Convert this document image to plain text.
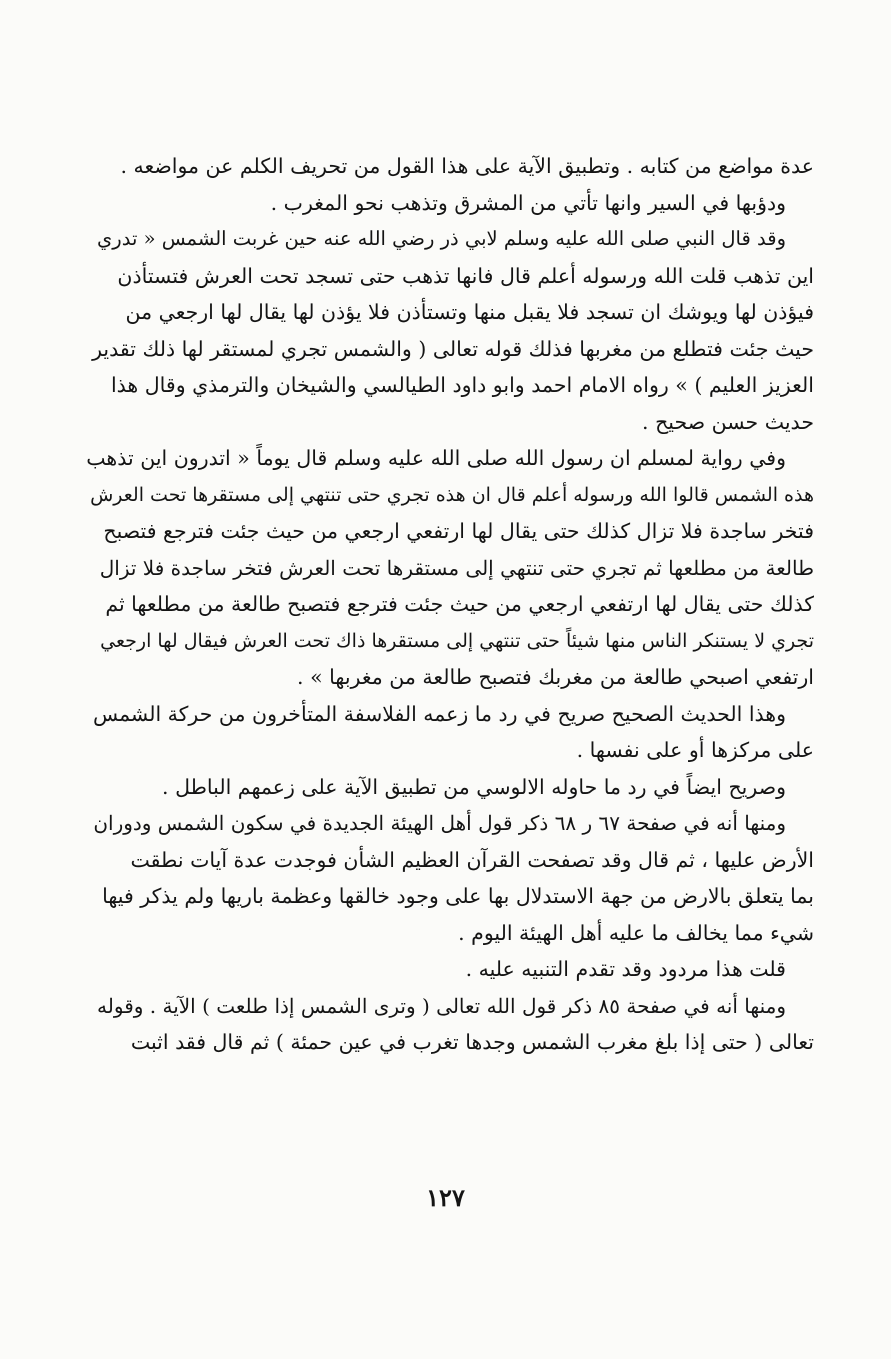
عدة مواضع من كتابه . وتطبيق الآية على هذا القول من تحريف الكلم عن مواضعه .
ودؤبها في السير وانها تأتي من المشرق وتذهب نحو المغرب .
وقد قال النبي صلى الله عليه وسلم لابي ذر رضي الله عنه حين غربت الشمس « تدري
اين تذهب قلت الله ورسوله أعلم قال فانها تذهب حتى تسجد تحت العرش فتستأذن
فيؤذن لها ويوشك ان تسجد فلا يقبل منها وتستأذن فلا يؤذن لها يقال لها ارجعي من
حيث جئت فتطلع من مغربها فذلك قوله تعالى ( والشمس تجري لمستقر لها ذلك تقدير
العزيز العليم ) » رواه الامام احمد وابو داود الطيالسي والشيخان والترمذي وقال هذا
حديث حسن صحيح .
وفي رواية لمسلم ان رسول الله صلى الله عليه وسلم قال يوماً « اتدرون اين تذهب
هذه الشمس قالوا الله ورسوله أعلم قال ان هذه تجري حتى تنتهي إلى مستقرها تحت العرش
فتخر ساجدة فلا تزال كذلك حتى يقال لها ارتفعي ارجعي من حيث جئت فترجع فتصبح
طالعة من مطلعها ثم تجري حتى تنتهي إلى مستقرها تحت العرش فتخر ساجدة فلا تزال
كذلك حتى يقال لها ارتفعي ارجعي من حيث جئت فترجع فتصبح طالعة من مطلعها ثم
تجري لا يستنكر الناس منها شيئاً حتى تنتهي إلى مستقرها ذاك تحت العرش فيقال لها ارجعي
ارتفعي اصبحي طالعة من مغربك فتصبح طالعة من مغربها » .
وهذا الحديث الصحيح صريح في رد ما زعمه الفلاسفة المتأخرون من حركة الشمس
على مركزها أو على نفسها .
وصريح ايضاً في رد ما حاوله الالوسي من تطبيق الآية على زعمهم الباطل .
ومنها أنه في صفحة ٦٧ ر ٦٨ ذكر قول أهل الهيئة الجديدة في سكون الشمس ودوران
الأرض عليها ، ثم قال وقد تصفحت القرآن العظيم الشأن فوجدت عدة آيات نطقت
بما يتعلق بالارض من جهة الاستدلال بها على وجود خالقها وعظمة باريها ولم يذكر فيها
شيء مما يخالف ما عليه أهل الهيئة اليوم .
قلت هذا مردود وقد تقدم التنبيه عليه .
ومنها أنه في صفحة ٨٥ ذكر قول الله تعالى ( وترى الشمس إذا طلعت ) الآية . وقوله
تعالى ( حتى إذا بلغ مغرب الشمس وجدها تغرب في عين حمئة ) ثم قال فقد اثبت
١٢٧
